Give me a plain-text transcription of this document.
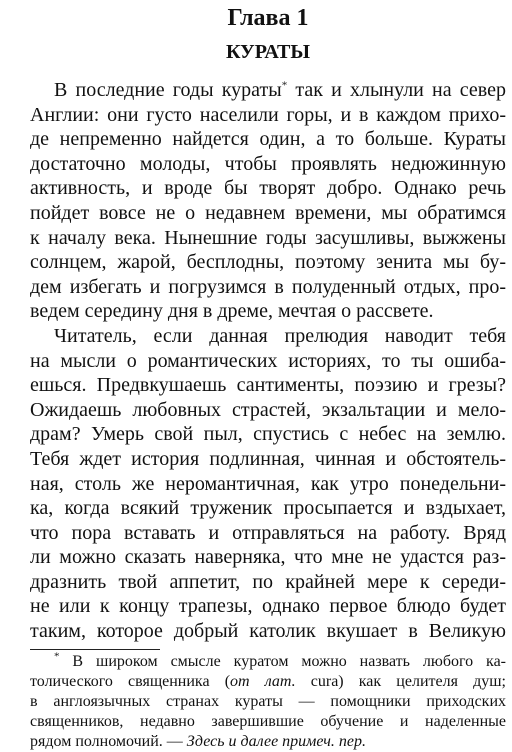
Глава 1
КУРАТЫ
В последние годы кураты* так и хлынули на север
Англии: они густо населили горы, и в каждом прихо-
де непременно найдется один, а то больше. Кураты
достаточно молоды, чтобы проявлять недюжинную
активность, и вроде бы творят добро. Однако речь
пойдет вовсе не о недавнем времени, мы обратимся
к началу века. Нынешние годы засушливы, выжжены
солнцем, жарой, бесплодны, поэтому зенита мы бу-
дем избегать и погрузимся в полуденный отдых, про-
ведем середину дня в дреме, мечтая о рассвете.
Читатель, если данная прелюдия наводит тебя
на мысли о романтических историях, то ты ошиба-
ешься. Предвкушаешь сантименты, поэзию и грезы?
Ожидаешь любовных страстей, экзальтации и мело-
драм? Умерь свой пыл, спустись с небес на землю.
Тебя ждет история подлинная, чинная и обстоятель-
ная, столь же неромантичная, как утро понедельни-
ка, когда всякий труженик просыпается и вздыхает,
что пора вставать и отправляться на работу. Вряд
ли можно сказать наверняка, что мне не удастся раз-
дразнить твой аппетит, по крайней мере к середи-
не или к концу трапезы, однако первое блюдо будет
таким, которое добрый католик вкушает в Великую
* В широком смысле куратом можно назвать любого ка-
толического священника (от лат. cura) как целителя душ;
в англоязычных странах кураты — помощники приходских
священников, недавно завершившие обучение и наделенные
рядом полномочий. — Здесь и далее примеч. пер.
